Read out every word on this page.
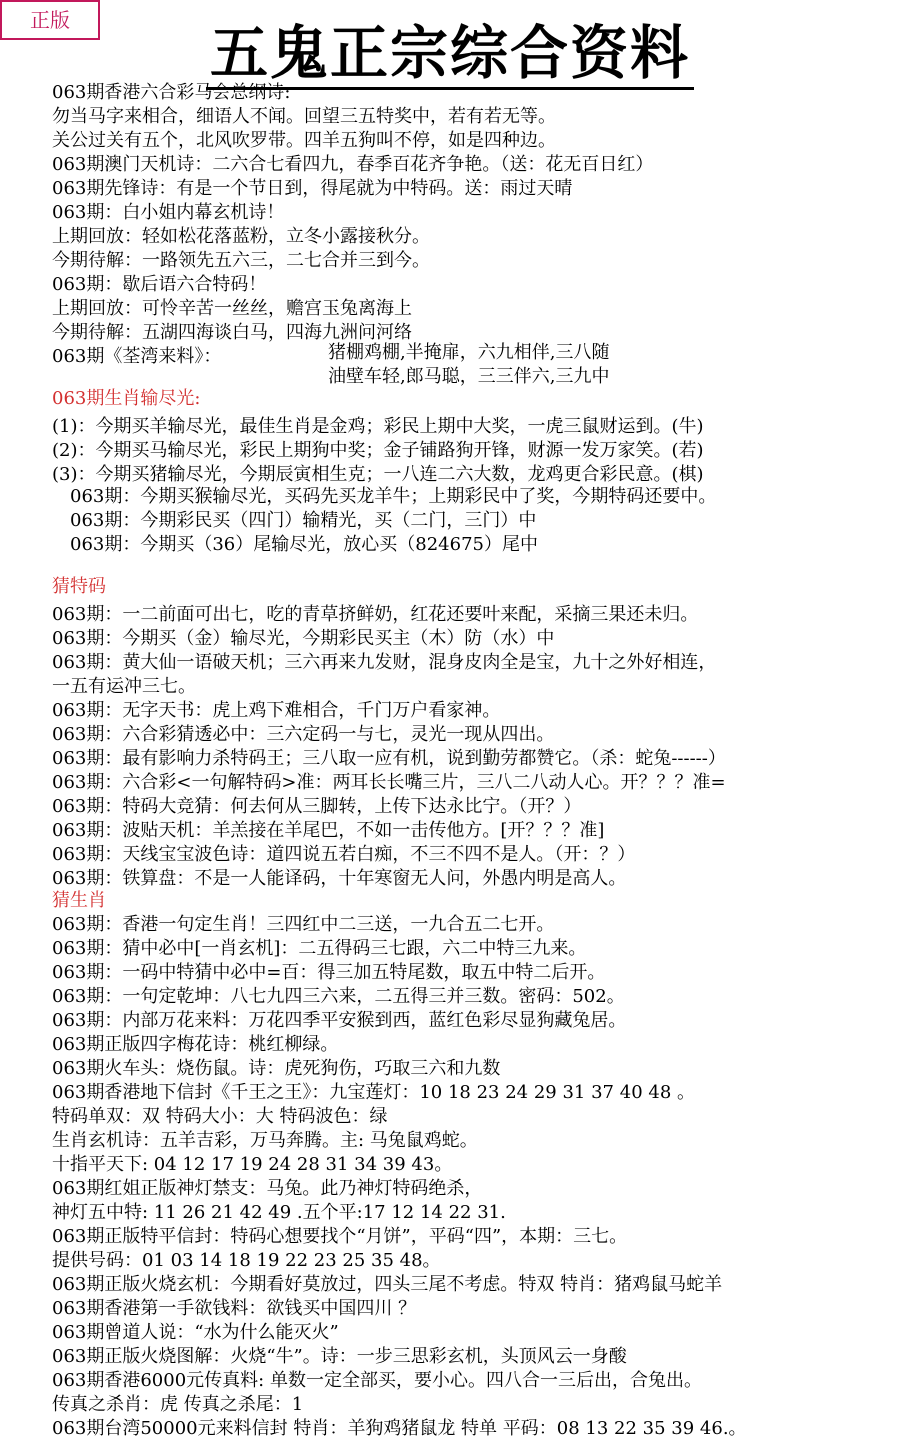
正版	五鬼正宗综合资料
063期香港六合彩马会总纲诗:
勿当马字来相合，细语人不闻。回望三五特奖中，若有若无等。
关公过关有五个，北风吹罗带。四羊五狗叫不停，如是四种边。
063期澳门天机诗：二六合七看四九，春季百花齐争艳。（送：花无百日红）
063期先锋诗：有是一个节日到，得尾就为中特码。送：雨过天晴
063期：白小姐内幕玄机诗！
上期回放：轻如松花落蓝粉，立冬小露接秋分。
今期待解：一路领先五六三，二七合并三到今。
063期：歇后语六合特码！
上期回放：可怜辛苦一丝丝，赡宫玉兔离海上
今期待解：五湖四海谈白马，四海九洲问河络
063期《荃湾来料》：	猪棚鸡棚,半掩扉，六九相伴,三八随
油壁车轻,郎马聪，三三伴六,三九中
063期生肖输尽光:
(1)：今期买羊输尽光，最佳生肖是金鸡；彩民上期中大奖，一虎三鼠财运到。(牛)
(2)：今期买马输尽光，彩民上期狗中奖；金子铺路狗开锋，财源一发万家笑。(若)
(3)：今期买猪输尽光，今期辰寅相生克；一八连二六大数，龙鸡更合彩民意。(棋)
063期：今期买猴输尽光，买码先买龙羊牛；上期彩民中了奖，今期特码还要中。
063期：今期彩民买（四门）输精光，买（二门，三门）中
063期：今期买（36）尾输尽光，放心买（824675）尾中
猜特码
063期：一二前面可出七，吃的青草挤鲜奶，红花还要叶来配，采摘三果还未归。
063期：今期买（金）输尽光，今期彩民买主（木）防（水）中
063期：黄大仙一语破天机；三六再来九发财，混身皮肉全是宝，九十之外好相连，
一五有运冲三七。
063期：无字天书：虎上鸡下难相合，千门万户看家神。
063期：六合彩猜透必中：三六定码一与七，灵光一现从四出。
063期：最有影响力杀特码王；三八取一应有机，说到勤劳都赞它。（杀：蛇兔------）
063期：六合彩<一句解特码>准：两耳长长嘴三片，三八二八动人心。开？？？准=
063期：特码大竞猜：何去何从三脚转，上传下达永比宁。（开？）
063期：波贴天机：羊羔接在羊尾巴，不如一击传他方。[开？？？准]
063期：天线宝宝波色诗：道四说五若白痴，不三不四不是人。（开：？）
063期：铁算盘：不是一人能译码，十年寒窗无人问，外愚内明是高人。
猜生肖
063期：香港一句定生肖！三四红中二三送，一九合五二七开。
063期：猜中必中[一肖玄机]：二五得码三七跟，六二中特三九来。
063期：一码中特猜中必中=百：得三加五特尾数，取五中特二后开。
063期：一句定乾坤：八七九四三六来，二五得三并三数。密码：502。
063期：内部万花来料：万花四季平安猴到西，蓝红色彩尽显狗藏兔居。
063期正版四字梅花诗：桃红柳绿。
063期火车头：烧伤鼠。诗：虎死狗伤，巧取三六和九数
063期香港地下信封《千王之王》：九宝莲灯：10 18 23 24 29 31 37 40 48 。
特码单双：双 特码大小：大 特码波色：绿
生肖玄机诗：五羊吉彩，万马奔腾。主: 马兔鼠鸡蛇。
十指平天下: 04 12 17 19 24 28 31 34 39 43。
063期红姐正版神灯禁支：马兔。此乃神灯特码绝杀，
神灯五中特: 11 26 21 42 49 .五个平:17 12 14 22 31.
063期正版特平信封：特码心想要找个“月饼”，平码“四”，本期：三七。
提供号码：01 03 14 18 19 22 23 25 35 48。
063期正版火烧玄机：今期看好莫放过，四头三尾不考虑。特双 特肖：猪鸡鼠马蛇羊
063期香港第一手欲钱料：欲钱买中国四川 ？
063期曾道人说：“水为什么能灭火”
063期正版火烧图解：火烧“牛”。诗：一步三思彩玄机，头顶风云一身酸
063期香港6000元传真料: 单数一定全部买，要小心。四八合一三后出，合兔出。
传真之杀肖：虎 传真之杀尾：1
063期台湾50000元来料信封 特肖：羊狗鸡猪鼠龙 特单 平码：08 13 22 35 39 46.。
